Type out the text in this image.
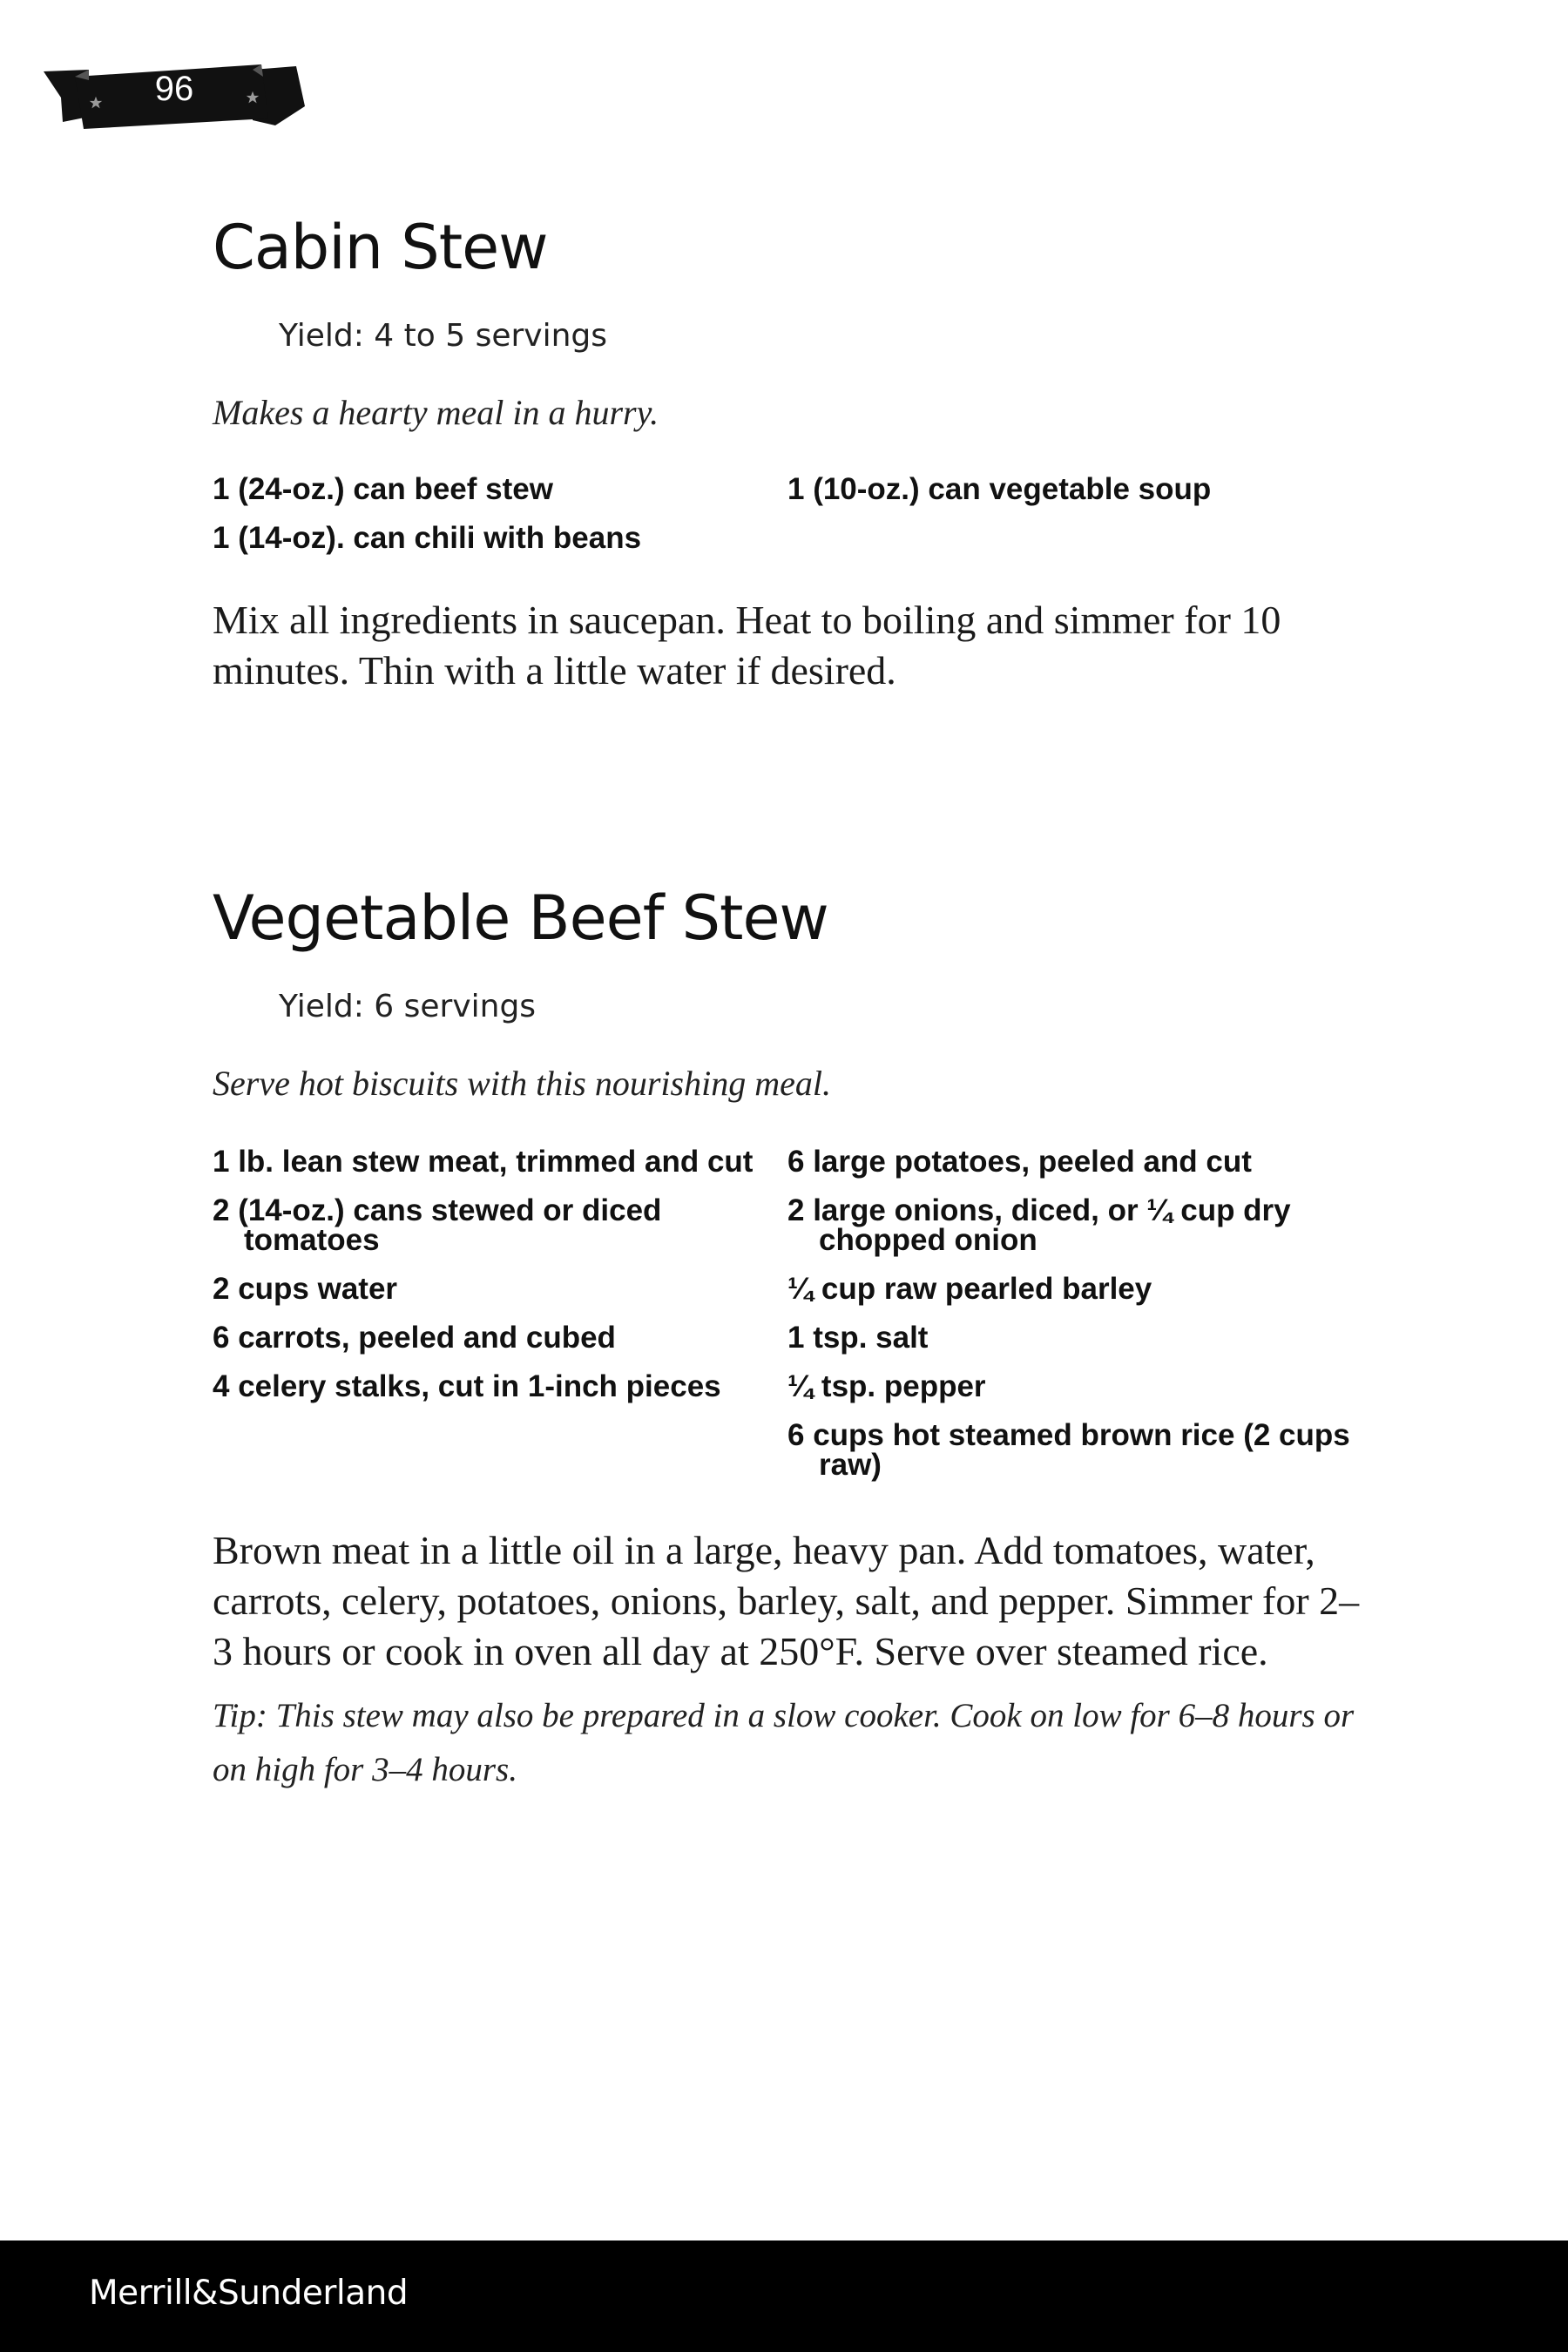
96
Cabin Stew
Yield: 4 to 5 servings
Makes a hearty meal in a hurry.
1 (24-oz.) can beef stew
1 (14-oz). can chili with beans
1 (10-oz.) can vegetable soup
Mix all ingredients in saucepan. Heat to boiling and simmer for 10 minutes. Thin with a little water if desired.
Vegetable Beef Stew
Yield: 6 servings
Serve hot biscuits with this nourishing meal.
1 lb. lean stew meat, trimmed and cut
2 (14-oz.) cans stewed or diced tomatoes
2 cups water
6 carrots, peeled and cubed
4 celery stalks, cut in 1-inch pieces
6 large potatoes, peeled and cut
2 large onions, diced, or ¼ cup dry chopped onion
¼ cup raw pearled barley
1 tsp. salt
¼ tsp. pepper
6 cups hot steamed brown rice (2 cups raw)
Brown meat in a little oil in a large, heavy pan. Add tomatoes, water, carrots, celery, potatoes, onions, barley, salt, and pepper. Simmer for 2–3 hours or cook in oven all day at 250°F. Serve over steamed rice.
Tip: This stew may also be prepared in a slow cooker. Cook on low for 6–8 hours or on high for 3–4 hours.
Merrill&Sunderland
